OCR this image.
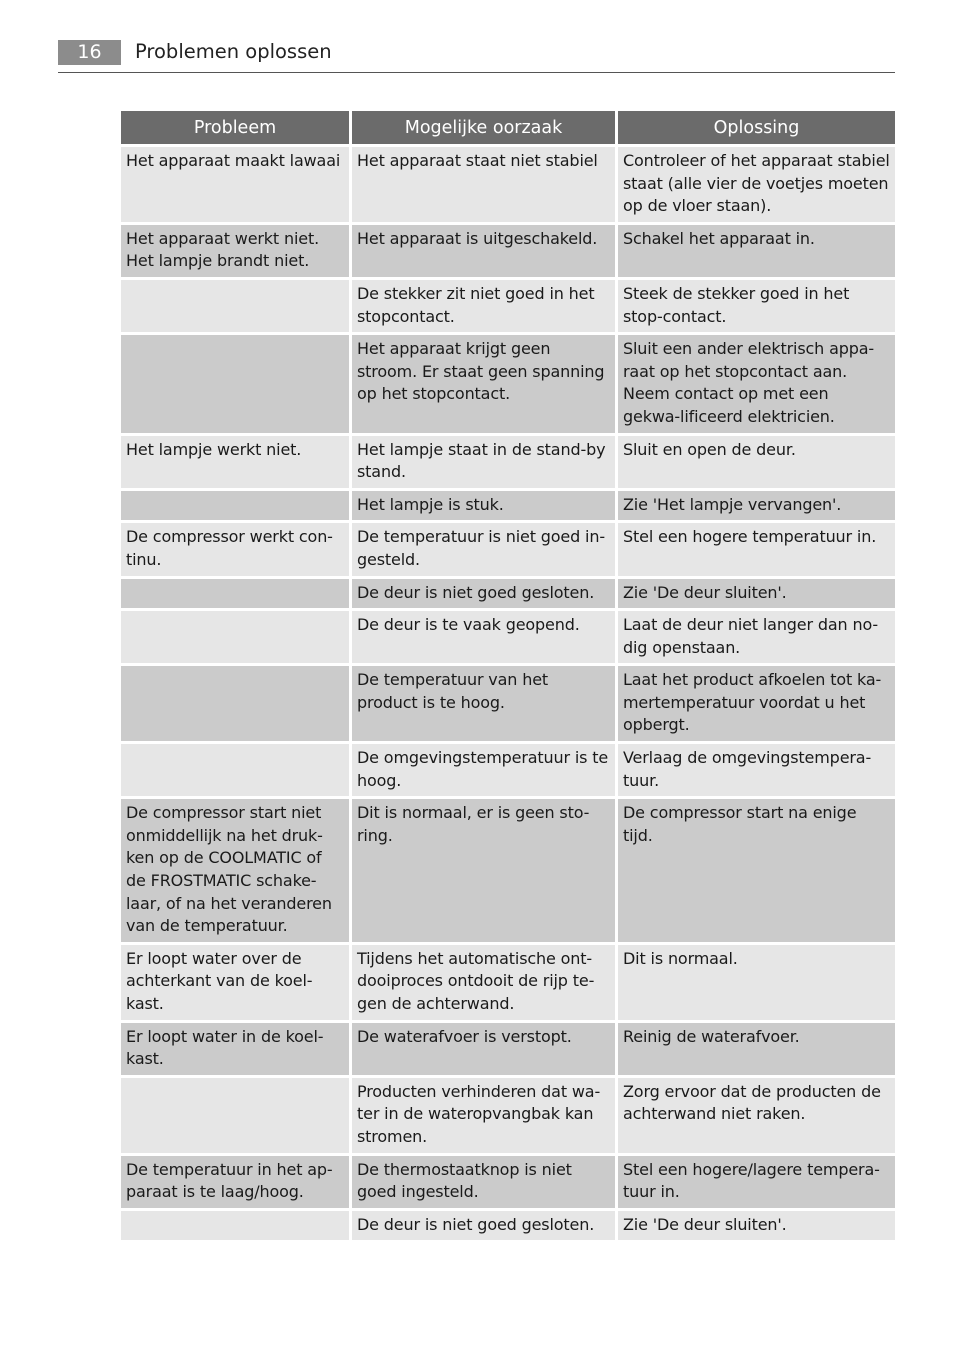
16	Problemen oplossen
Probleem	Mogelijke oorzaak	Oplossing
Het apparaat maakt lawaai	Het apparaat staat niet stabiel	Controleer of het apparaat stabiel staat (alle vier de voetjes moeten op de vloer staan).
Het apparaat werkt niet. Het lampje brandt niet.	Het apparaat is uitgeschakeld.	Schakel het apparaat in.
	De stekker zit niet goed in het stopcontact.	Steek de stekker goed in het stop-contact.
	Het apparaat krijgt geen stroom. Er staat geen spanning op het stopcontact.	Sluit een ander elektrisch appa-raat op het stopcontact aan. Neem contact op met een gekwa-lificeerd elektricien.
Het lampje werkt niet.	Het lampje staat in de stand-by stand.	Sluit en open de deur.
	Het lampje is stuk.	Zie 'Het lampje vervangen'.
De compressor werkt con-tinu.	De temperatuur is niet goed in-gesteld.	Stel een hogere temperatuur in.
	De deur is niet goed gesloten.	Zie 'De deur sluiten'.
	De deur is te vaak geopend.	Laat de deur niet langer dan no-dig openstaan.
	De temperatuur van het product is te hoog.	Laat het product afkoelen tot ka-mertemperatuur voordat u het opbergt.
	De omgevingstemperatuur is te hoog.	Verlaag de omgevingstempera-tuur.
De compressor start niet onmiddellijk na het druk-ken op de COOLMATIC of de FROSTMATIC schake-laar, of na het veranderen van de temperatuur.	Dit is normaal, er is geen sto-ring.	De compressor start na enige tijd.
Er loopt water over de achterkant van de koel-kast.	Tijdens het automatische ont-dooiproces ontdooit de rijp te-gen de achterwand.	Dit is normaal.
Er loopt water in de koel-kast.	De waterafvoer is verstopt.	Reinig de waterafvoer.
	Producten verhinderen dat wa-ter in de wateropvangbak kan stromen.	Zorg ervoor dat de producten de achterwand niet raken.
De temperatuur in het ap-paraat is te laag/hoog.	De thermostaatknop is niet goed ingesteld.	Stel een hogere/lagere tempera-tuur in.
	De deur is niet goed gesloten.	Zie 'De deur sluiten'.
